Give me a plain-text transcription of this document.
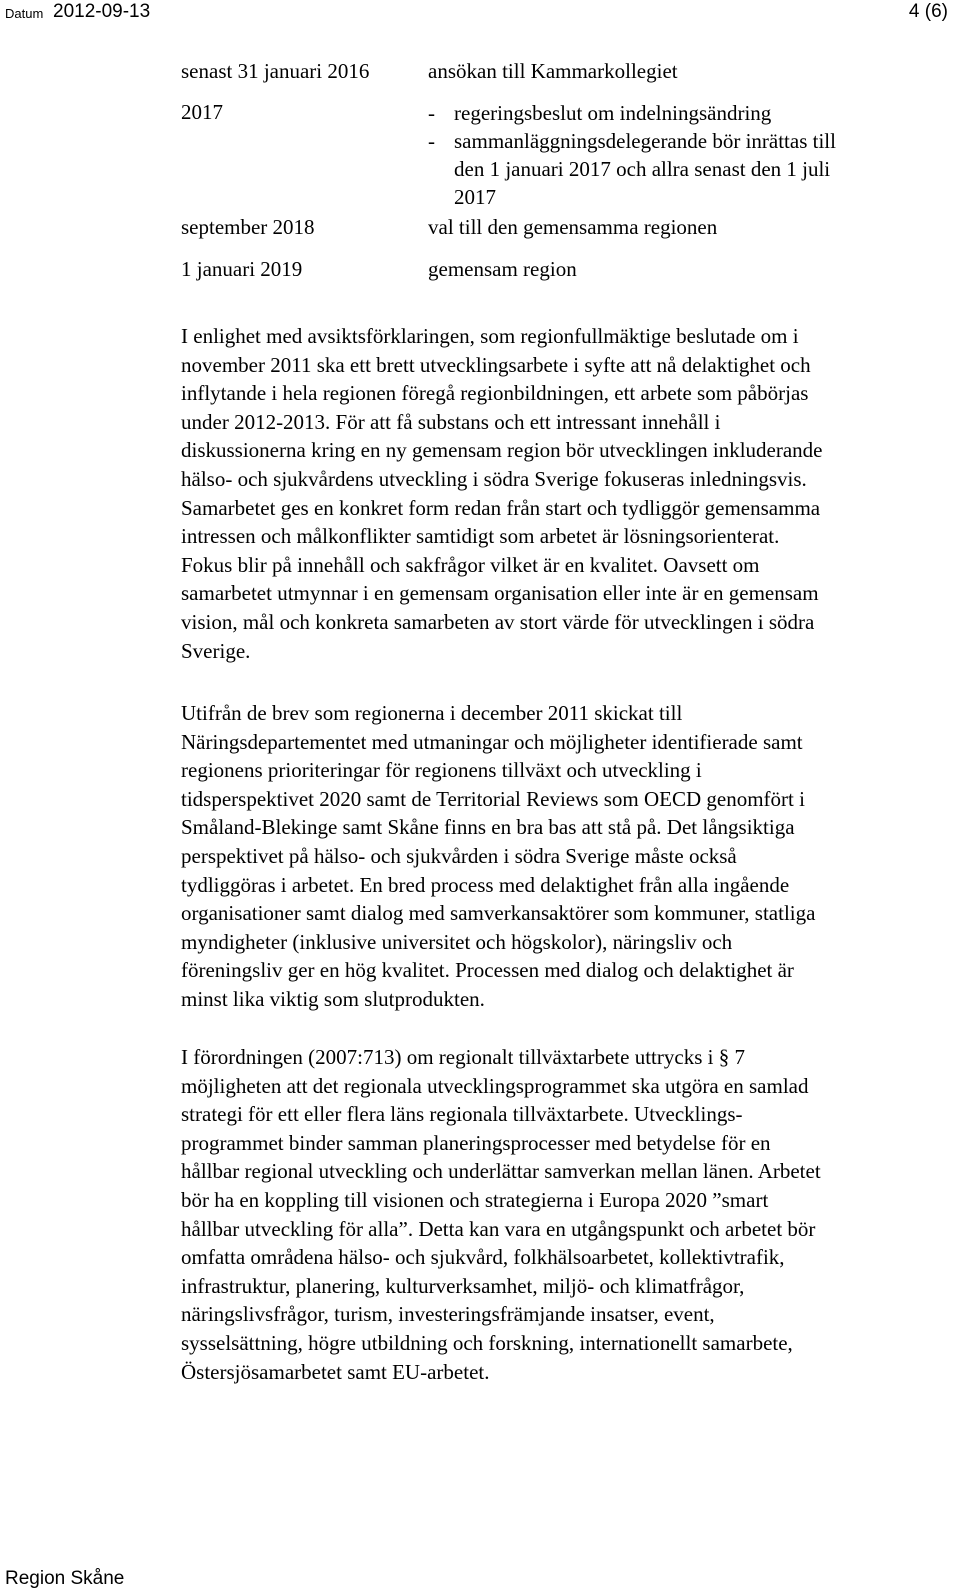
Datum 2012-09-13	4 (6)
senast 31 januari 2016	ansökan till Kammarkollegiet
2017	- regeringsbeslut om indelningsändring
- sammanläggningsdelegerande bör inrättas till
den 1 januari 2017 och allra senast den 1 juli
2017
september 2018	val till den gemensamma regionen
1 januari 2019	gemensam region

I enlighet med avsiktsförklaringen, som regionfullmäktige beslutade om i
november 2011 ska ett brett utvecklingsarbete i syfte att nå delaktighet och
inflytande i hela regionen föregå regionbildningen, ett arbete som påbörjas
under 2012-2013. För att få substans och ett intressant innehåll i
diskussionerna kring en ny gemensam region bör utvecklingen inkluderande
hälso- och sjukvårdens utveckling i södra Sverige fokuseras inledningsvis.
Samarbetet ges en konkret form redan från start och tydliggör gemensamma
intressen och målkonflikter samtidigt som arbetet är lösningsorienterat.
Fokus blir på innehåll och sakfrågor vilket är en kvalitet. Oavsett om
samarbetet utmynnar i en gemensam organisation eller inte är en gemensam
vision, mål och konkreta samarbeten av stort värde för utvecklingen i södra
Sverige.

Utifrån de brev som regionerna i december 2011 skickat till
Näringsdepartementet med utmaningar och möjligheter identifierade samt
regionens prioriteringar för regionens tillväxt och utveckling i
tidsperspektivet 2020 samt de Territorial Reviews som OECD genomfört i
Småland-Blekinge samt Skåne finns en bra bas att stå på. Det långsiktiga
perspektivet på hälso- och sjukvården i södra Sverige måste också
tydliggöras i arbetet. En bred process med delaktighet från alla ingående
organisationer samt dialog med samverkansaktörer som kommuner, statliga
myndigheter (inklusive universitet och högskolor), näringsliv och
föreningsliv ger en hög kvalitet. Processen med dialog och delaktighet är
minst lika viktig som slutprodukten.

I förordningen (2007:713) om regionalt tillväxtarbete uttrycks i § 7
möjligheten att det regionala utvecklingsprogrammet ska utgöra en samlad
strategi för ett eller flera läns regionala tillväxtarbete. Utvecklings-
programmet binder samman planeringsprocesser med betydelse för en
hållbar regional utveckling och underlättar samverkan mellan länen. Arbetet
bör ha en koppling till visionen och strategierna i Europa 2020 ”smart
hållbar utveckling för alla”. Detta kan vara en utgångspunkt och arbetet bör
omfatta områdena hälso- och sjukvård, folkhälsoarbetet, kollektivtrafik,
infrastruktur, planering, kulturverksamhet, miljö- och klimatfrågor,
näringslivsfrågor, turism, investeringsfrämjande insatser, event,
sysselsättning, högre utbildning och forskning, internationellt samarbete,
Östersjösamarbetet samt EU-arbetet.

Region Skåne
